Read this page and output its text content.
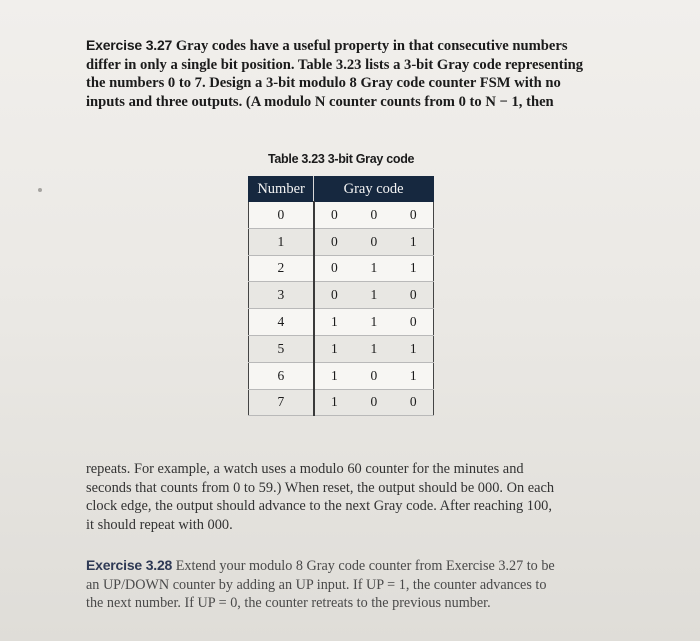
Exercise 3.27 Gray codes have a useful property in that consecutive numbers
differ in only a single bit position. Table 3.23 lists a 3-bit Gray code representing
the numbers 0 to 7. Design a 3-bit modulo 8 Gray code counter FSM with no
inputs and three outputs. (A modulo N counter counts from 0 to N − 1, then
Table 3.23 3-bit Gray code
Number	Gray code		
0	0	0	0
1	0	0	1
2	0	1	1
3	0	1	0
4	1	1	0
5	1	1	1
6	1	0	1
7	1	0	0
repeats. For example, a watch uses a modulo 60 counter for the minutes and
seconds that counts from 0 to 59.) When reset, the output should be 000. On each
clock edge, the output should advance to the next Gray code. After reaching 100,
it should repeat with 000.
Exercise 3.28 Extend your modulo 8 Gray code counter from Exercise 3.27 to be
an UP/DOWN counter by adding an UP input. If UP = 1, the counter advances to
the next number. If UP = 0, the counter retreats to the previous number.
